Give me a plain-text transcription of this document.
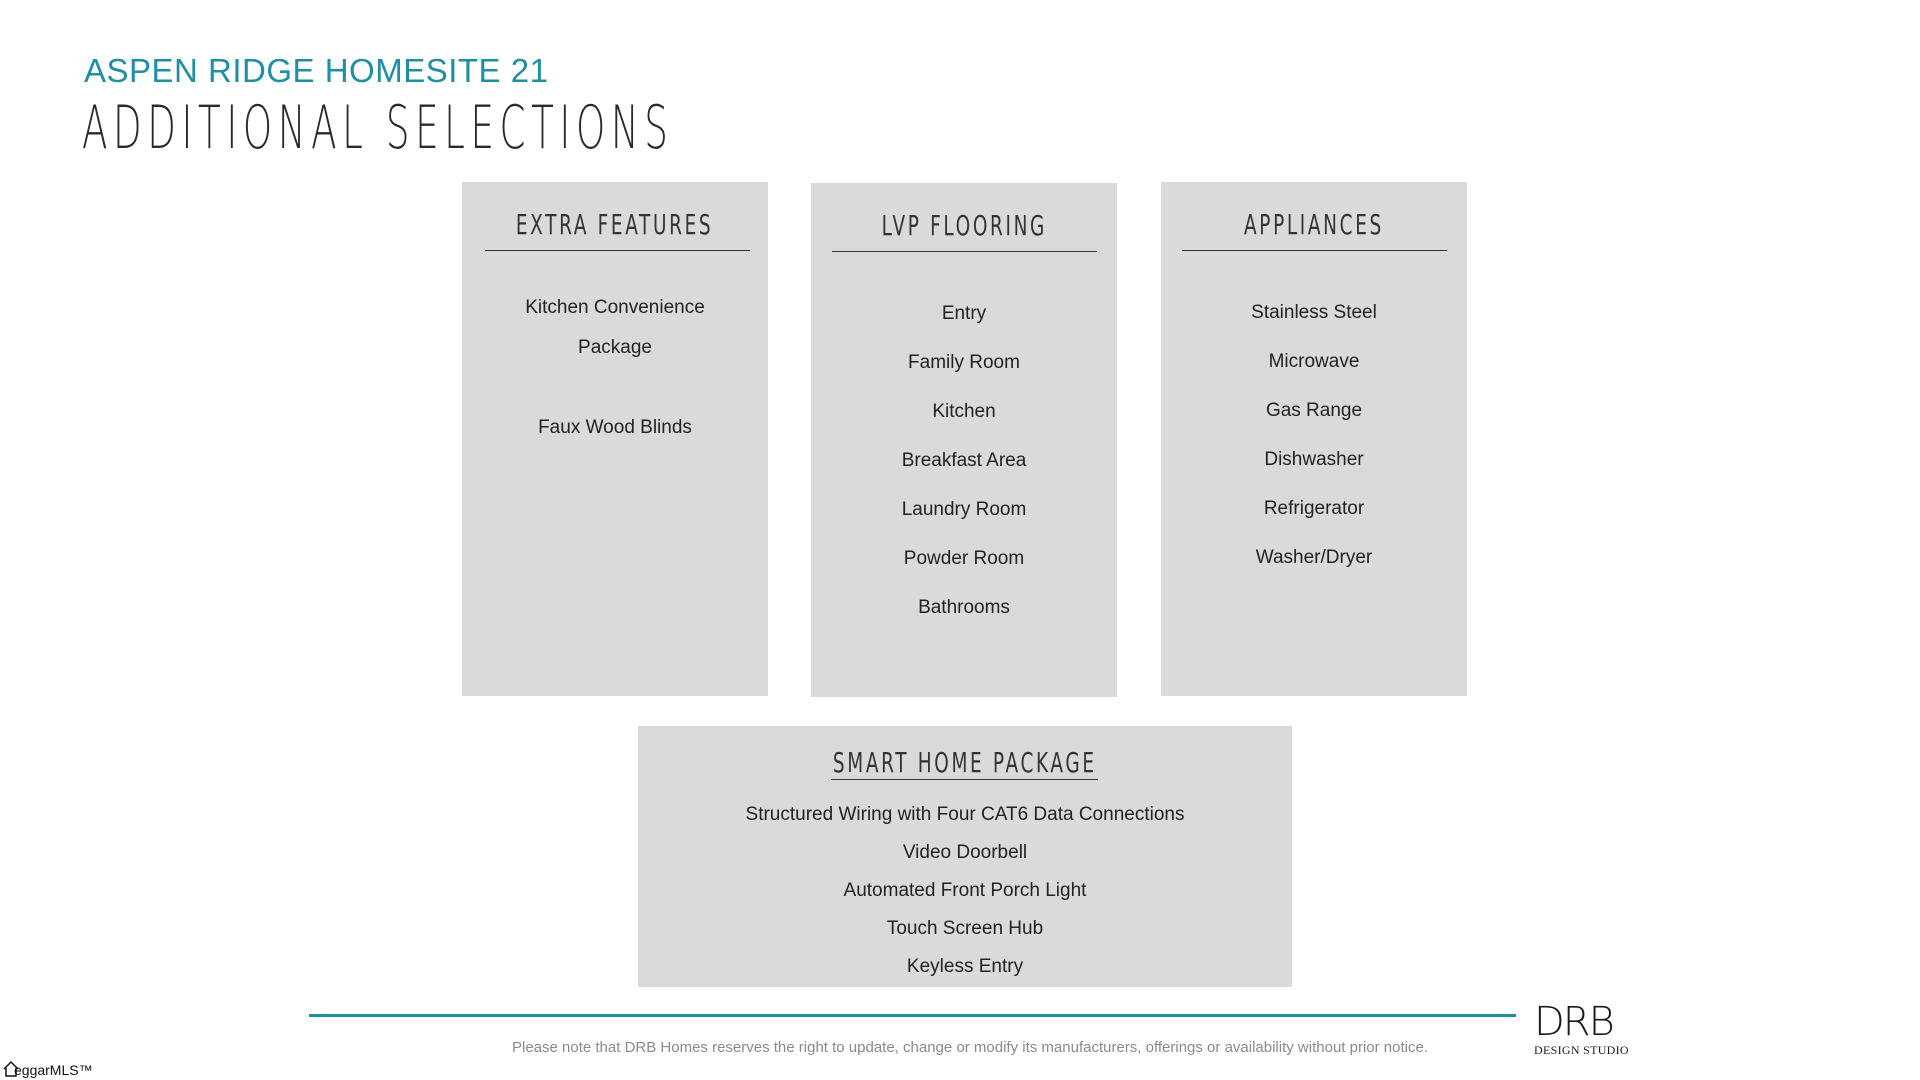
ASPEN RIDGE HOMESITE 21
ADDITIONAL SELECTIONS
EXTRA FEATURES
Kitchen Convenience
Package
Faux Wood Blinds
LVP FLOORING
Entry
Family Room
Kitchen
Breakfast Area
Laundry Room
Powder Room
Bathrooms
APPLIANCES
Stainless Steel
Microwave
Gas Range
Dishwasher
Refrigerator
Washer/Dryer
SMART HOME PACKAGE
Structured Wiring with Four CAT6 Data Connections
Video Doorbell
Automated Front Porch Light
Touch Screen Hub
Keyless Entry
Please note that DRB Homes reserves the right to update, change or modify its manufacturers, offerings or availability without prior notice.
DRB
DESIGN STUDIO
eggarMLS™
